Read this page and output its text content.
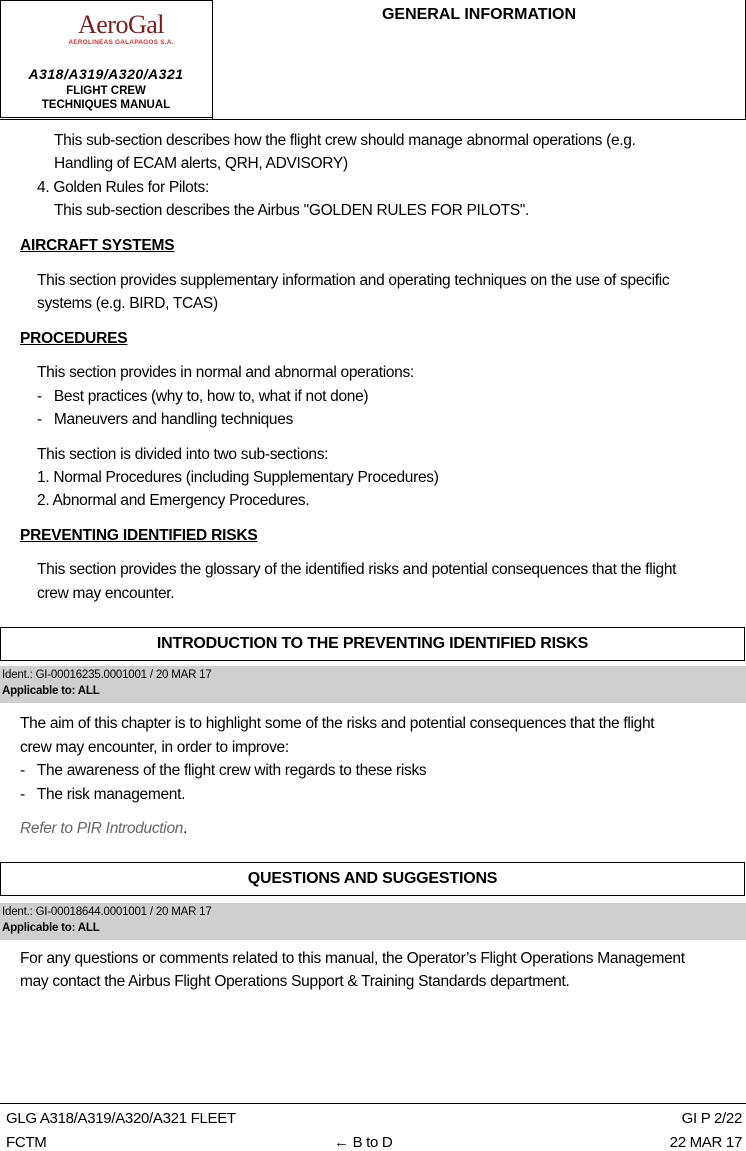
AeroGal
AEROLINEAS GALAPAGOS S.A.
A318/A319/A320/A321
FLIGHT CREW
TECHNIQUES MANUAL
GENERAL INFORMATION
This sub-section describes how the flight crew should manage abnormal operations (e.g.
Handling of ECAM alerts, QRH, ADVISORY)
4. Golden Rules for Pilots:
This sub-section describes the Airbus "GOLDEN RULES FOR PILOTS".
AIRCRAFT SYSTEMS
This section provides supplementary information and operating techniques on the use of specific
systems (e.g. BIRD, TCAS)
PROCEDURES
This section provides in normal and abnormal operations:
-   Best practices (why to, how to, what if not done)
-   Maneuvers and handling techniques
This section is divided into two sub-sections:
1. Normal Procedures (including Supplementary Procedures)
2. Abnormal and Emergency Procedures.
PREVENTING IDENTIFIED RISKS
This section provides the glossary of the identified risks and potential consequences that the flight
crew may encounter.
INTRODUCTION TO THE PREVENTING IDENTIFIED RISKS
Ident.: GI-00016235.0001001 / 20 MAR 17
Applicable to: ALL
The aim of this chapter is to highlight some of the risks and potential consequences that the flight
crew may encounter, in order to improve:
-   The awareness of the flight crew with regards to these risks
-   The risk management.
Refer to PIR Introduction.
QUESTIONS AND SUGGESTIONS
Ident.: GI-00018644.0001001 / 20 MAR 17
Applicable to: ALL
For any questions or comments related to this manual, the Operator’s Flight Operations Management
may contact the Airbus Flight Operations Support & Training Standards department.
GLG A318/A319/A320/A321 FLEET	GI P 2/22
FCTM	← B to D	22 MAR 17
